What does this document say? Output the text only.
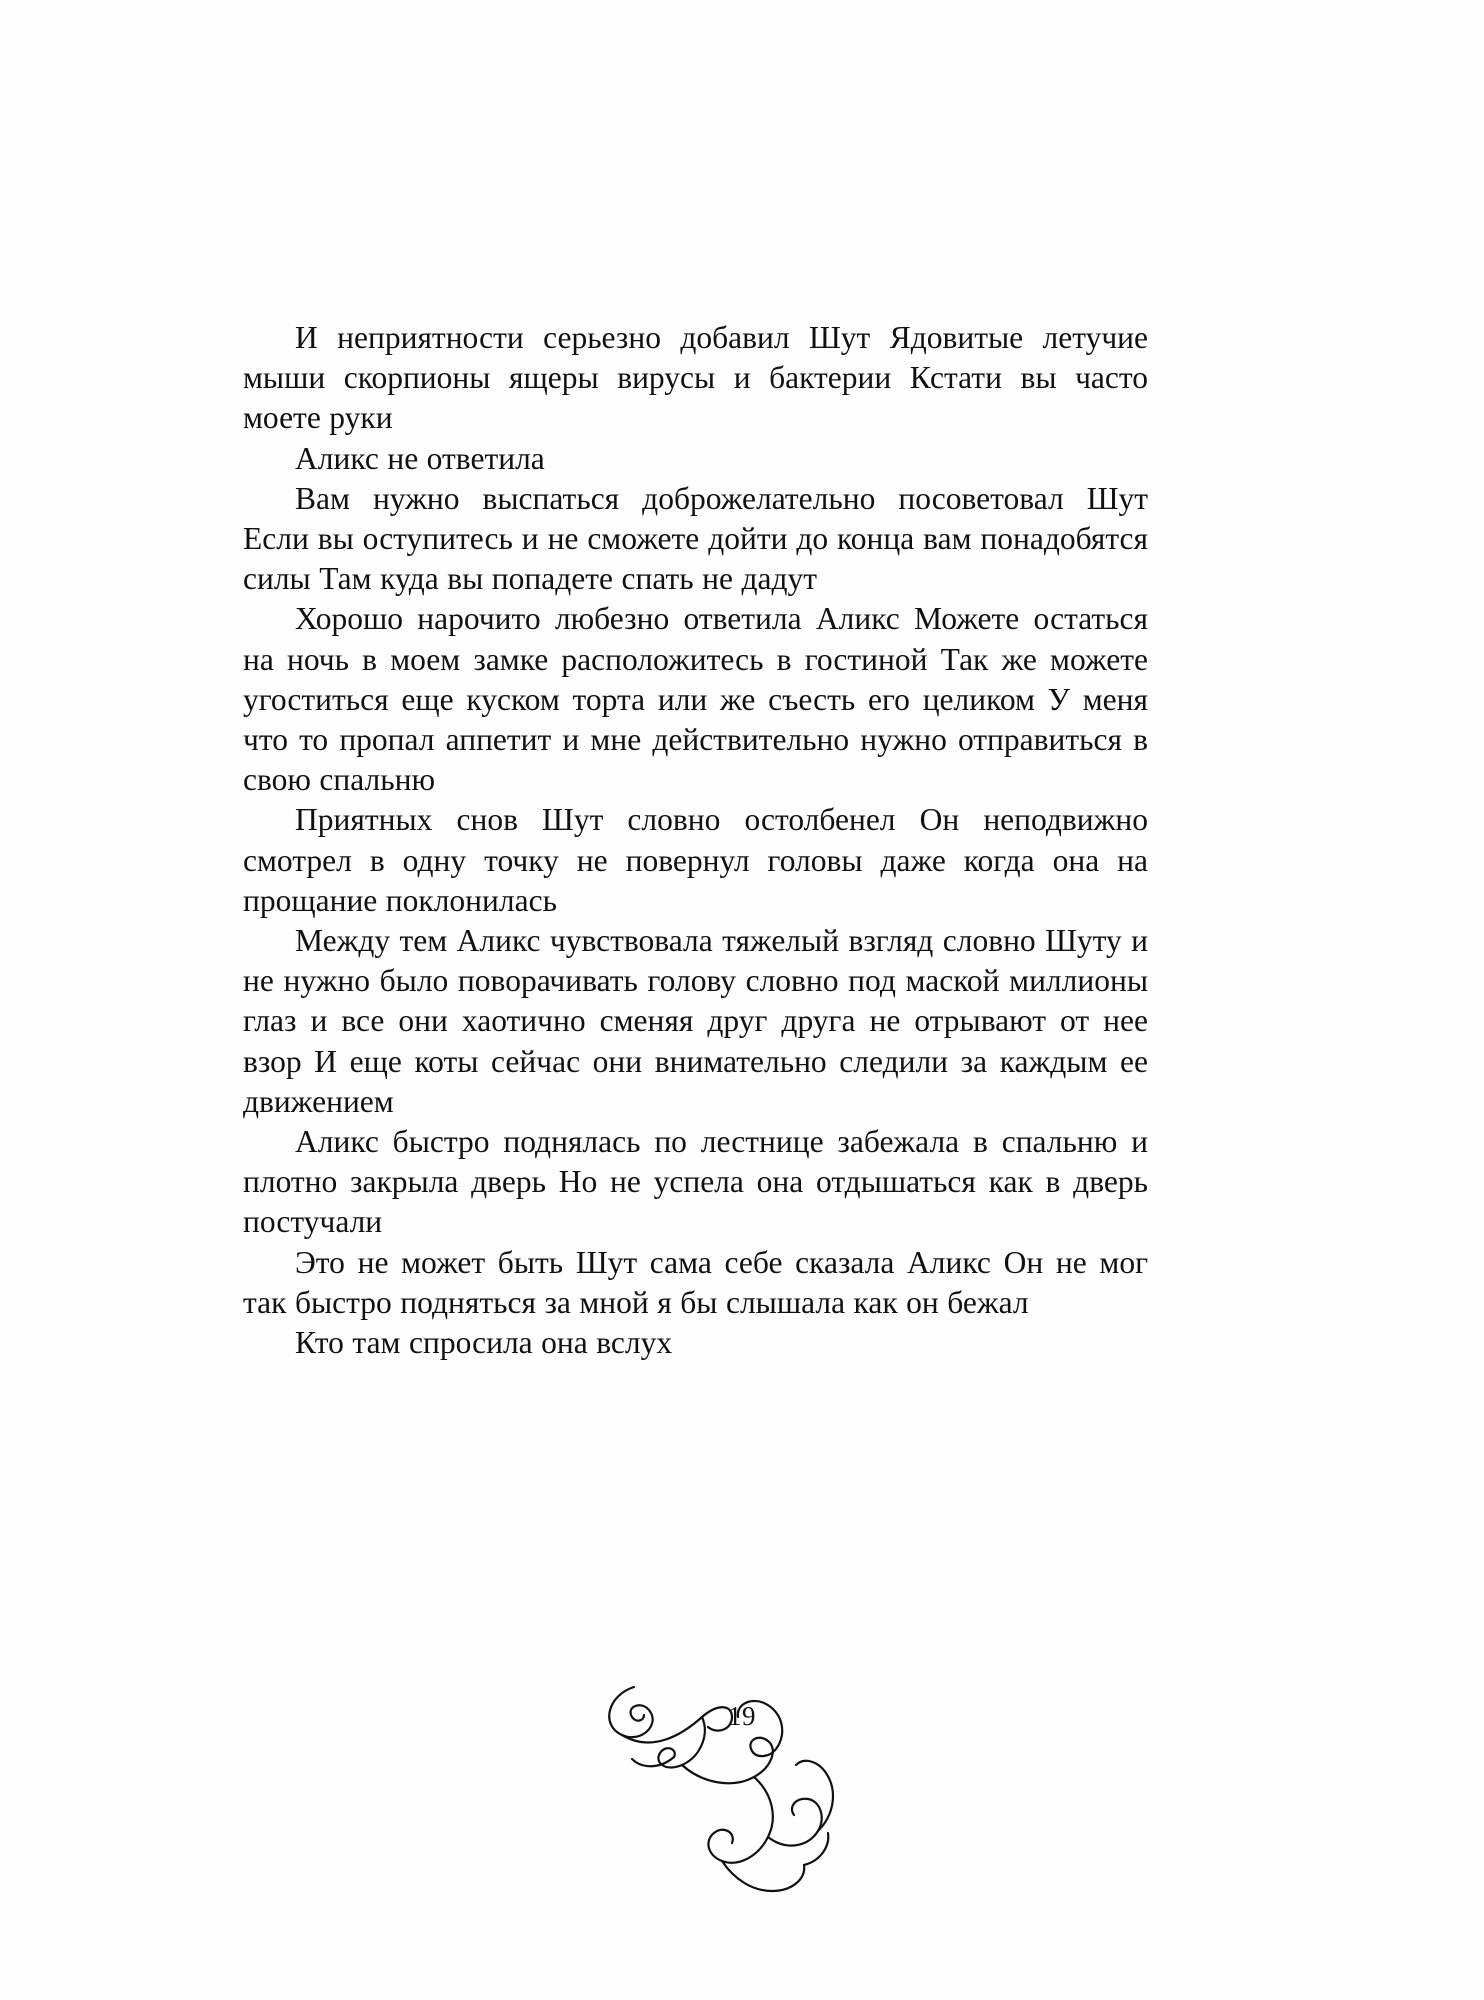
И неприятности серьезно добавил Шут Ядовитые летучие мыши скорпионы ящеры вирусы и бактерии Кстати вы часто моете руки

Аликс не ответила

Вам нужно выспаться доброжелательно посоветовал Шут Если вы оступитесь и не сможете дойти до конца вам понадобятся силы Там куда вы попадете спать не дадут

Хорошо нарочито любезно ответила Аликс Можете остаться на ночь в моем замке расположитесь в гостиной Так же можете угоститься еще куском торта или же съесть его целиком У меня что то пропал аппетит и мне действительно нужно отправиться в свою спальню

Приятных снов Шут словно остолбенел Он неподвижно смотрел в одну точку не повернул головы даже когда она на прощание поклонилась

Между тем Аликс чувствовала тяжелый взгляд словно Шуту и не нужно было поворачивать голову словно под маской миллионы глаз и все они хаотично сменяя друг друга не отрывают от нее взор И еще коты сейчас они внимательно следили за каждым ее движением

Аликс быстро поднялась по лестнице забежала в спальню и плотно закрыла дверь Но не успела она отдышаться как в дверь постучали

Это не может быть Шут сама себе сказала Аликс Он не мог так быстро подняться за мной я бы слышала как он бежал

Кто там спросила она вслух

19
